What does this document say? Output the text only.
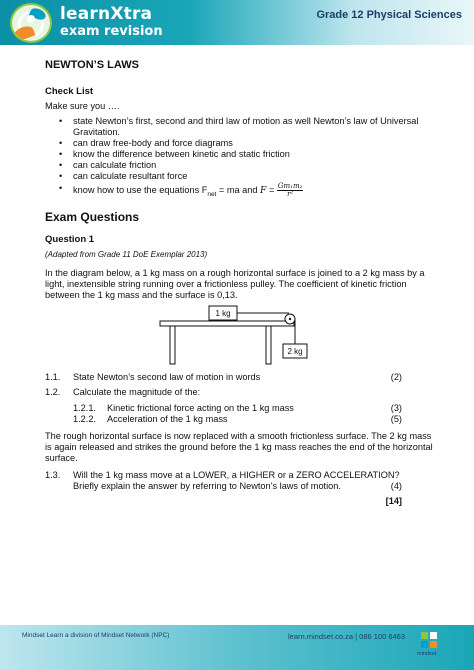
learnXtra
exam revision
Grade 12 Physical Sciences
NEWTON’S LAWS
Check List
Make sure you ….
• state Newton’s first, second and third law of motion as well Newton’s law of Universal Gravitation.
• can draw free-body and force diagrams
• know the difference between kinetic and static friction
• can calculate friction
• can calculate resultant force
• know how to use the equations $F_{net}$ = ma and $F = \frac{\text{Gm₁m₂}}{\text{r²}}$
Exam Questions
Question 1
(Adapted from Grade 11 DoE Exemplar 2013)
In the diagram below, a 1 kg mass on a rough horizontal surface is joined to a 2 kg mass by a light, inextensible string running over a frictionless pulley. The coefficient of kinetic friction between the 1 kg mass and the surface is 0,13.
1 kg
2 kg
1.1. State Newton’s second law of motion in words	(2)
1.2. Calculate the magnitude of the:
1.2.1. Kinetic frictional force acting on the 1 kg mass	(3)
1.2.2. Acceleration of the 1 kg mass	(5)
The rough horizontal surface is now replaced with a smooth frictionless surface. The 2 kg mass is again released and strikes the ground before the 1 kg mass reaches the end of the horizontal surface.
1.3. Will the 1 kg mass move at a LOWER, a HIGHER or a ZERO ACCELERATION? Briefly explain the answer by referring to Newton’s laws of motion.	(4)
[14]
Mindset Learn a division of Mindset Network (NPC)	learn.mindset.co.za | 086 100 6463
mindset
